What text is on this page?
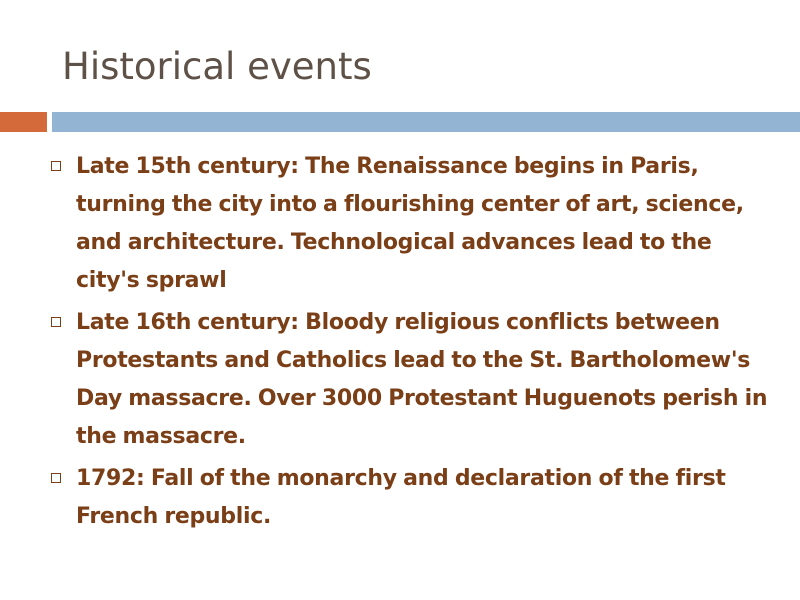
Historical events
Late 15th century: The Renaissance begins in Paris, turning the city into a flourishing center of art, science, and architecture. Technological advances lead to the city's sprawl
Late 16th century: Bloody religious conflicts between Protestants and Catholics lead to the St. Bartholomew's Day massacre. Over 3000 Protestant Huguenots perish in the massacre.
1792: Fall of the monarchy and declaration of the first French republic.
